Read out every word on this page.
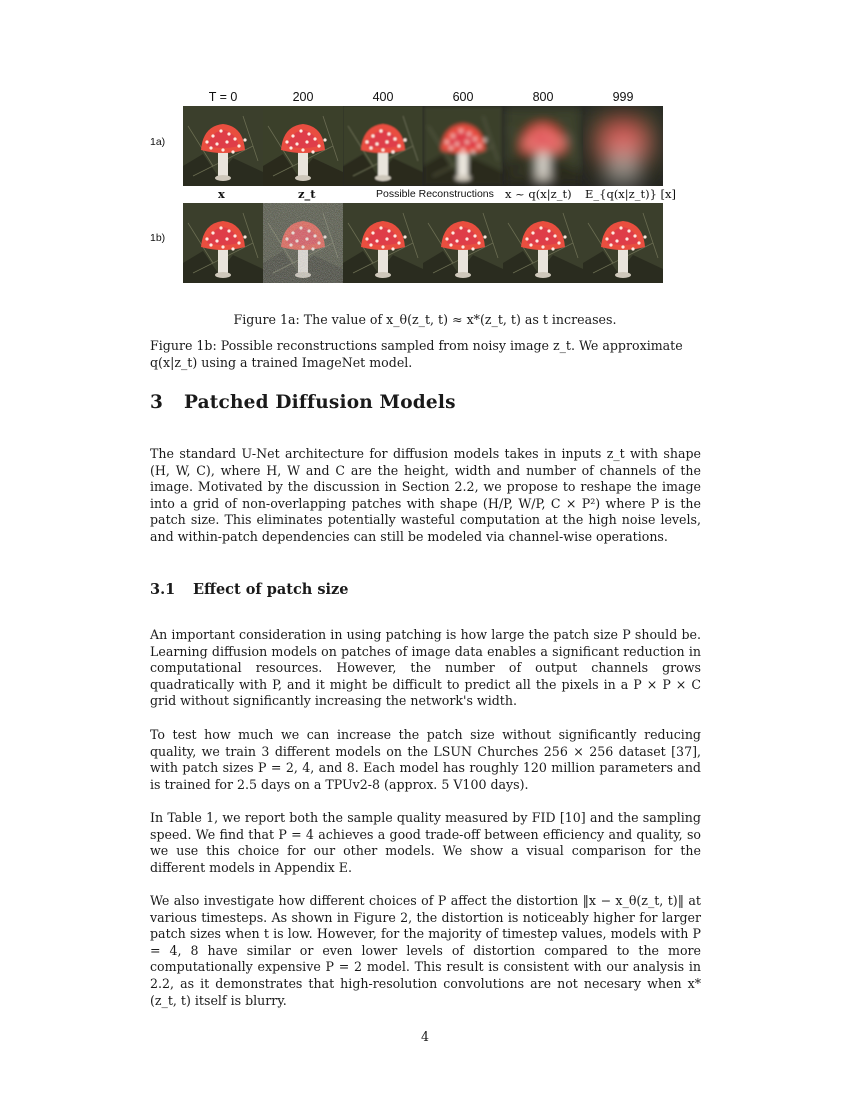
T = 0	200	400	600	800	999
1a)
x	z_t	Possible Reconstructions x ~ q(x|z_t) E_{q(x|z_t)} [x]
1b)
Figure 1a: The value of x_θ(z_t, t) ≈ x*(z_t, t) as t increases.
Figure 1b: Possible reconstructions sampled from noisy image z_t. We approximate q(x|z_t) using a trained ImageNet model.
3 Patched Diffusion Models

The standard U-Net architecture for diffusion models takes in inputs z_t with shape (H, W, C), where H, W and C are the height, width and number of channels of the image. Motivated by the discussion in Section 2.2, we propose to reshape the image into a grid of non-overlapping patches with shape (H/P, W/P, C × P²) where P is the patch size. This eliminates potentially wasteful computation at the high noise levels, and within-patch dependencies can still be modeled via channel-wise operations.

3.1 Effect of patch size

An important consideration in using patching is how large the patch size P should be. Learning diffusion models on patches of image data enables a significant reduction in computational resources. However, the number of output channels grows quadratically with P, and it might be difficult to predict all the pixels in a P × P × C grid without significantly increasing the network's width.

To test how much we can increase the patch size without significantly reducing quality, we train 3 different models on the LSUN Churches 256 × 256 dataset [37], with patch sizes P = 2, 4, and 8. Each model has roughly 120 million parameters and is trained for 2.5 days on a TPUv2-8 (approx. 5 V100 days).

In Table 1, we report both the sample quality measured by FID [10] and the sampling speed. We find that P = 4 achieves a good trade-off between efficiency and quality, so we use this choice for our other models. We show a visual comparison for the different models in Appendix E.

We also investigate how different choices of P affect the distortion ‖x − x_θ(z_t, t)‖ at various timesteps. As shown in Figure 2, the distortion is noticeably higher for larger patch sizes when t is low. However, for the majority of timestep values, models with P = 4, 8 have similar or even lower levels of distortion compared to the more computationally expensive P = 2 model. This result is consistent with our analysis in 2.2, as it demonstrates that high-resolution convolutions are not necesary when x*(z_t, t) itself is blurry.

4
